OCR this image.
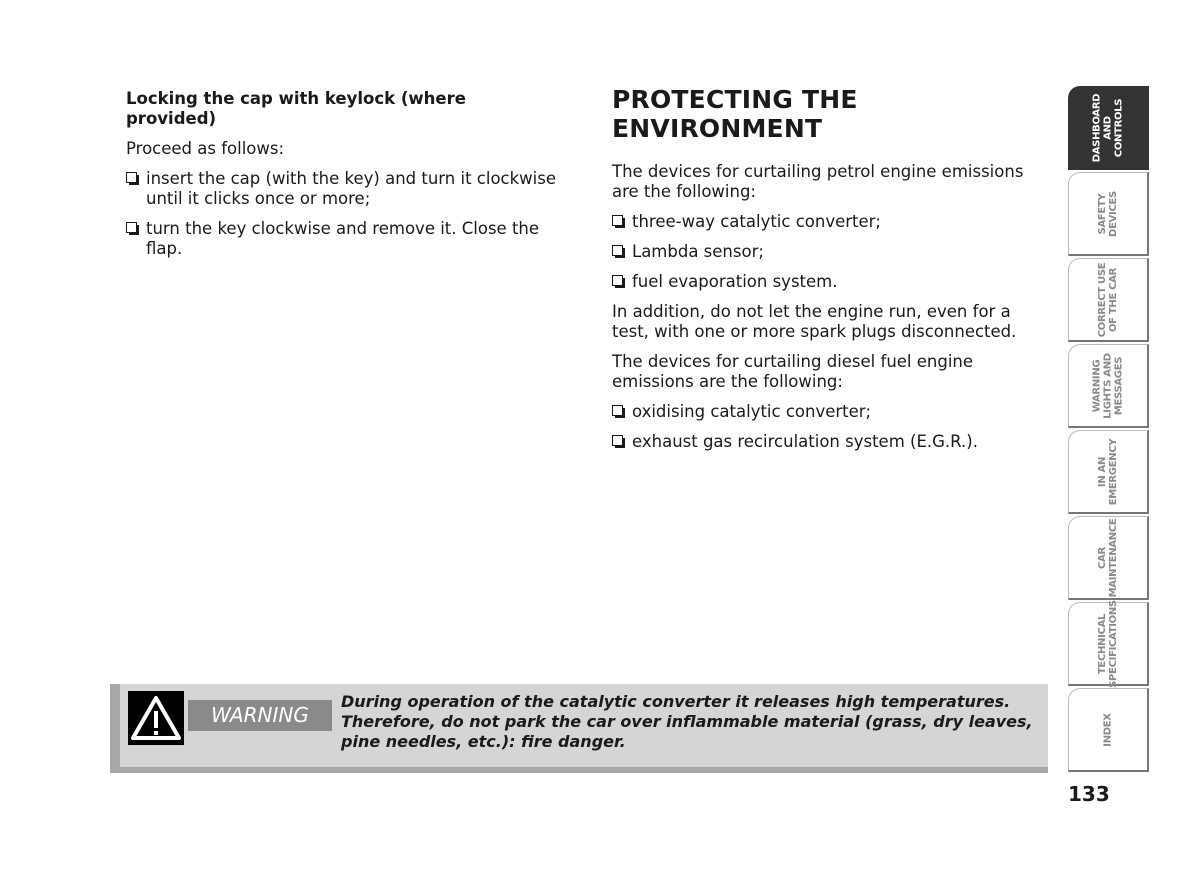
Locking the cap with keylock (where provided)

Proceed as follows:

insert the cap (with the key) and turn it clockwise until it clicks once or more;
turn the key clockwise and remove it. Close the flap.
PROTECTING THE
ENVIRONMENT

The devices for curtailing petrol engine emissions are the following:

three-way catalytic converter;
Lambda sensor;
fuel evaporation system.

In addition, do not let the engine run, even for a test, with one or more spark plugs disconnected.

The devices for curtailing diesel fuel engine emissions are the following:

oxidising catalytic converter;
exhaust gas recirculation system (E.G.R.).
WARNING
During operation of the catalytic converter it releases high temperatures. Therefore, do not park the car over inflammable material (grass, dry leaves, pine needles, etc.): fire danger.
DASHBOARD
AND
CONTROLS
SAFETY
DEVICES
CORRECT USE
OF THE CAR
WARNING
LIGHTS AND
MESSAGES
IN AN
EMERGENCY
CAR
MAINTENANCE
TECHNICAL
SPECIFICATIONS
INDEX
133
